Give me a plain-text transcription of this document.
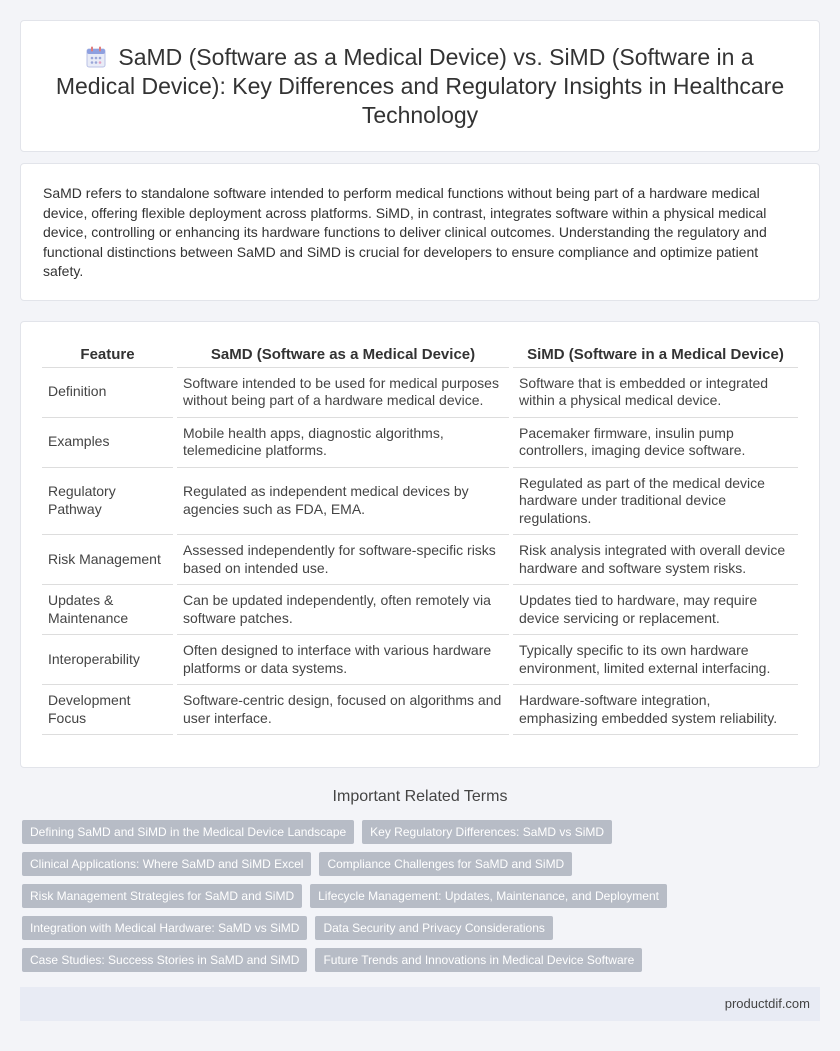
SaMD (Software as a Medical Device) vs. SiMD (Software in a Medical Device): Key Differences and Regulatory Insights in Healthcare Technology
SaMD refers to standalone software intended to perform medical functions without being part of a hardware medical device, offering flexible deployment across platforms. SiMD, in contrast, integrates software within a physical medical device, controlling or enhancing its hardware functions to deliver clinical outcomes. Understanding the regulatory and functional distinctions between SaMD and SiMD is crucial for developers to ensure compliance and optimize patient safety.
Feature		SaMD (Software as a Medical Device)		SiMD (Software in a Medical Device)
Definition		Software intended to be used for medical purposes without being part of a hardware medical device.		Software that is embedded or integrated within a physical medical device.
Examples		Mobile health apps, diagnostic algorithms, telemedicine platforms.		Pacemaker firmware, insulin pump controllers, imaging device software.
Regulatory Pathway		Regulated as independent medical devices by agencies such as FDA, EMA.		Regulated as part of the medical device hardware under traditional device regulations.
Risk Management		Assessed independently for software-specific risks based on intended use.		Risk analysis integrated with overall device hardware and software system risks.
Updates & Maintenance		Can be updated independently, often remotely via software patches.		Updates tied to hardware, may require device servicing or replacement.
Interoperability		Often designed to interface with various hardware platforms or data systems.		Typically specific to its own hardware environment, limited external interfacing.
Development Focus		Software-centric design, focused on algorithms and user interface.		Hardware-software integration, emphasizing embedded system reliability.
Important Related Terms
Defining SaMD and SiMD in the Medical Device Landscape	Key Regulatory Differences: SaMD vs SiMD
Clinical Applications: Where SaMD and SiMD Excel	Compliance Challenges for SaMD and SiMD
Risk Management Strategies for SaMD and SiMD	Lifecycle Management: Updates, Maintenance, and Deployment
Integration with Medical Hardware: SaMD vs SiMD	Data Security and Privacy Considerations
Case Studies: Success Stories in SaMD and SiMD	Future Trends and Innovations in Medical Device Software
productdif.com
